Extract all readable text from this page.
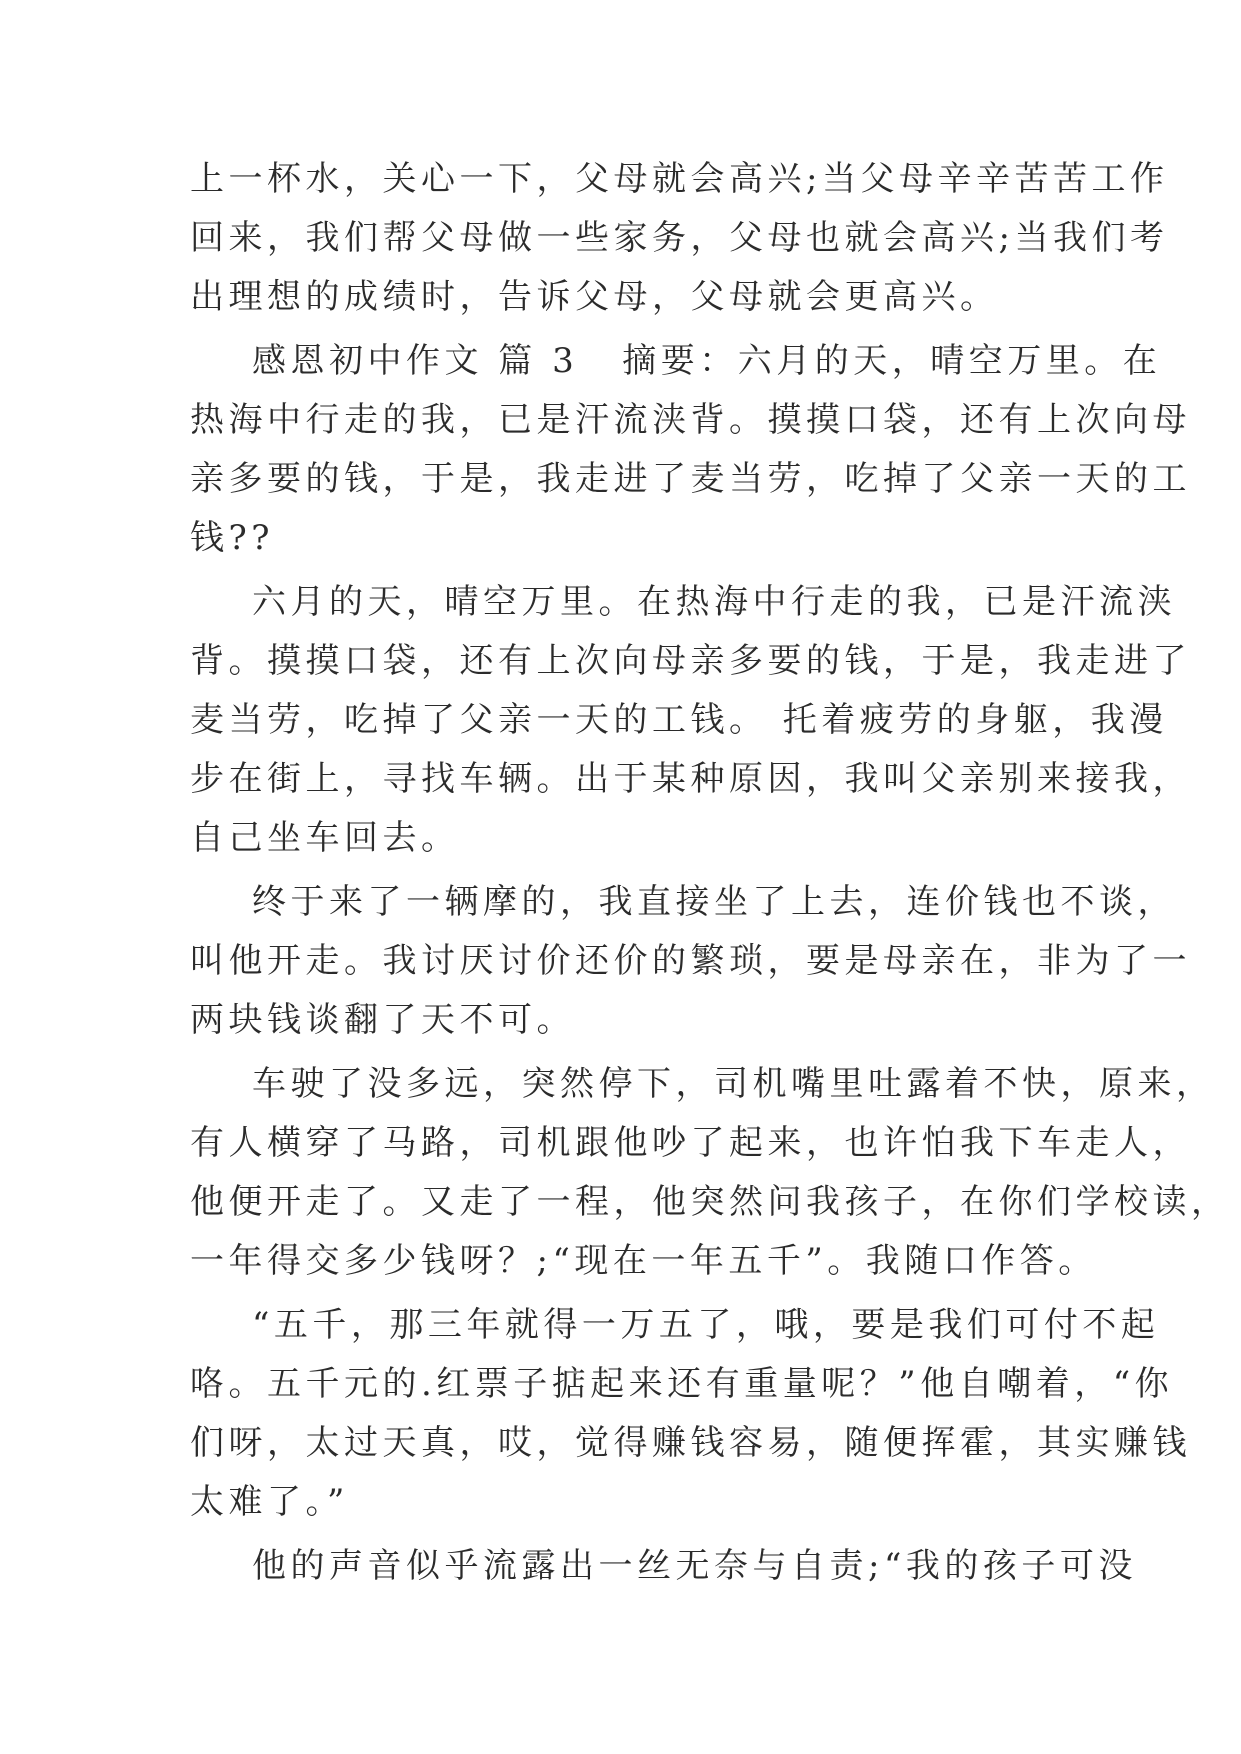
上一杯水，关心一下，父母就会高兴;当父母辛辛苦苦工作
回来，我们帮父母做一些家务，父母也就会高兴;当我们考
出理想的成绩时，告诉父母，父母就会更高兴。
感恩初中作文 篇 3 摘要：六月的天，晴空万里。在
热海中行走的我，已是汗流浃背。摸摸口袋，还有上次向母
亲多要的钱，于是，我走进了麦当劳，吃掉了父亲一天的工
钱??
六月的天，晴空万里。在热海中行走的我，已是汗流浃
背。摸摸口袋，还有上次向母亲多要的钱，于是，我走进了
麦当劳，吃掉了父亲一天的工钱。 托着疲劳的身躯，我漫
步在街上，寻找车辆。出于某种原因，我叫父亲别来接我，
自己坐车回去。
终于来了一辆摩的，我直接坐了上去，连价钱也不谈，
叫他开走。我讨厌讨价还价的繁琐，要是母亲在，非为了一
两块钱谈翻了天不可。
车驶了没多远，突然停下，司机嘴里吐露着不快，原来，
有人横穿了马路，司机跟他吵了起来，也许怕我下车走人，
他便开走了。又走了一程，他突然问我孩子，在你们学校读，
一年得交多少钱呀？;“现在一年五千”。我随口作答。
“五千，那三年就得一万五了，哦，要是我们可付不起
咯。五千元的.红票子掂起来还有重量呢？”他自嘲着，“你
们呀，太过天真，哎，觉得赚钱容易，随便挥霍，其实赚钱
太难了。”
他的声音似乎流露出一丝无奈与自责;“我的孩子可没
